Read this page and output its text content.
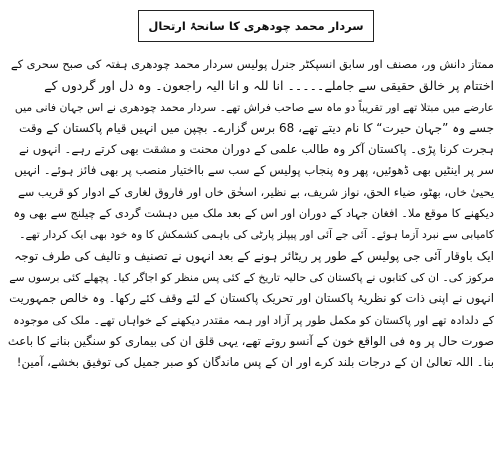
سردار محمد چودھری کا سانحۂ ارتحال
ممتاز دانش ور، مصنف اور سابق انسپکٹر جنرل پولیس سردار محمد چودھری ہفتہ کی صبح سحری کے
اختتام پر خالق حقیقی سے جاملے۔۔۔۔۔ انا للہ و انا الیہ راجعون۔ وہ دل اور گردوں کے
عارضے میں مبتلا تھے اور تقریباً دو ماہ سے صاحب فراش تھے۔ سردار محمد چودھری نے اس جہان فانی میں
جسے وہ ”جہان حیرت“ کا نام دیتے تھے، 68 برس گزارے۔ بچپن میں انہیں قیام پاکستان کے وقت
ہجرت کرنا پڑی۔ پاکستان آکر وہ طالب علمی کے دوران محنت و مشقت بھی کرتے رہے۔ انہوں نے
سر پر اینٹیں بھی ڈھوئیں، پھر وہ پنجاب پولیس کے سب سے بااختیار منصب پر بھی فائز ہوئے۔ انہیں
یحییٰ خاں، بھٹو، ضیاء الحق، نواز شریف، بے نظیر، اسحٰق خاں اور فاروق لغاری کے ادوار کو قریب سے
دیکھنے کا موقع ملا۔ افغان جہاد کے دوران اور اس کے بعد ملک میں دہشت گردی کے چیلنج سے بھی وہ
کامیابی سے نبرد آزما ہوئے۔ آئی جے آئی اور پیپلز پارٹی کی باہمی کشمکش کا وہ خود بھی ایک کردار تھے۔
ایک باوقار آئی جی پولیس کے طور پر ریٹائر ہونے کے بعد انہوں نے تصنیف و تالیف کی طرف توجہ
مرکوز کی۔ ان کی کتابوں نے پاکستان کی حالیہ تاریخ کے کئی پس منظر کو اجاگر کیا۔ پچھلے کئی برسوں سے
انہوں نے اپنی ذات کو نظریۂ پاکستان اور تحریک پاکستان کے لئے وقف کئے رکھا۔ وہ خالص جمہوریت
کے دلدادہ تھے اور پاکستان کو مکمل طور پر آزاد اور ہمہ مقتدر دیکھنے کے خواہاں تھے۔ ملک کی موجودہ
صورت حال پر وہ فی الواقع خون کے آنسو روتے تھے، یہی قلق ان کی بیماری کو سنگین بنانے کا باعث
بنا۔ اللہ تعالیٰ ان کے درجات بلند کرے اور ان کے پس ماندگان کو صبر جمیل کی توفیق بخشے، آمین!
